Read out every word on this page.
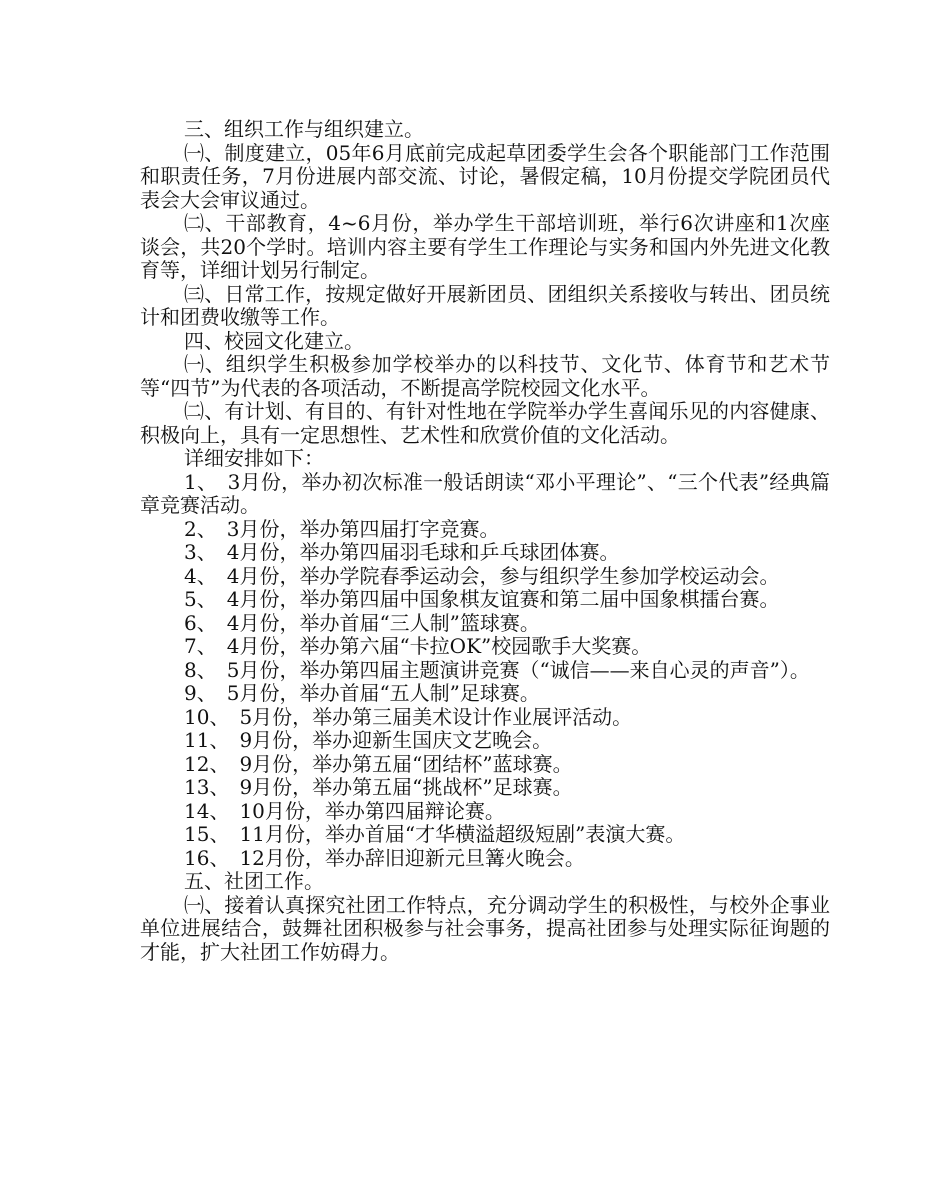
三、组织工作与组织建立。

㈠、制度建立，05年6月底前完成起草团委学生会各个职能部门工作范围和职责任务，7月份进展内部交流、讨论，暑假定稿，10月份提交学院团员代表会大会审议通过。

㈡、干部教育，4~6月份，举办学生干部培训班，举行6次讲座和1次座谈会，共20个学时。培训内容主要有学生工作理论与实务和国内外先进文化教育等，详细计划另行制定。

㈢、日常工作，按规定做好开展新团员、团组织关系接收与转出、团员统计和团费收缴等工作。

四、校园文化建立。

㈠、组织学生积极参加学校举办的以科技节、文化节、体育节和艺术节等“四节”为代表的各项活动，不断提高学院校园文化水平。

㈡、有计划、有目的、有针对性地在学院举办学生喜闻乐见的内容健康、积极向上，具有一定思想性、艺术性和欣赏价值的文化活动。

详细安排如下：

1、　3月份，举办初次标准一般话朗读“邓小平理论”、“三个代表”经典篇章竞赛活动。

2、　3月份，举办第四届打字竞赛。

3、　4月份，举办第四届羽毛球和乒乓球团体赛。

4、　4月份，举办学院春季运动会，参与组织学生参加学校运动会。

5、　4月份，举办第四届中国象棋友谊赛和第二届中国象棋擂台赛。

6、　4月份，举办首届“三人制”篮球赛。

7、　4月份，举办第六届“卡拉OK”校园歌手大奖赛。

8、　5月份，举办第四届主题演讲竞赛（“诚信——来自心灵的声音”）。

9、　5月份，举办首届“五人制”足球赛。

10、　5月份，举办第三届美术设计作业展评活动。

11、　9月份，举办迎新生国庆文艺晚会。

12、　9月份，举办第五届“团结杯”蓝球赛。

13、　9月份，举办第五届“挑战杯”足球赛。

14、　10月份，举办第四届辩论赛。

15、　11月份，举办首届“才华横溢超级短剧”表演大赛。

16、　12月份，举办辞旧迎新元旦篝火晚会。

五、社团工作。

㈠、接着认真探究社团工作特点，充分调动学生的积极性，与校外企事业单位进展结合，鼓舞社团积极参与社会事务，提高社团参与处理实际征询题的才能，扩大社团工作妨碍力。
